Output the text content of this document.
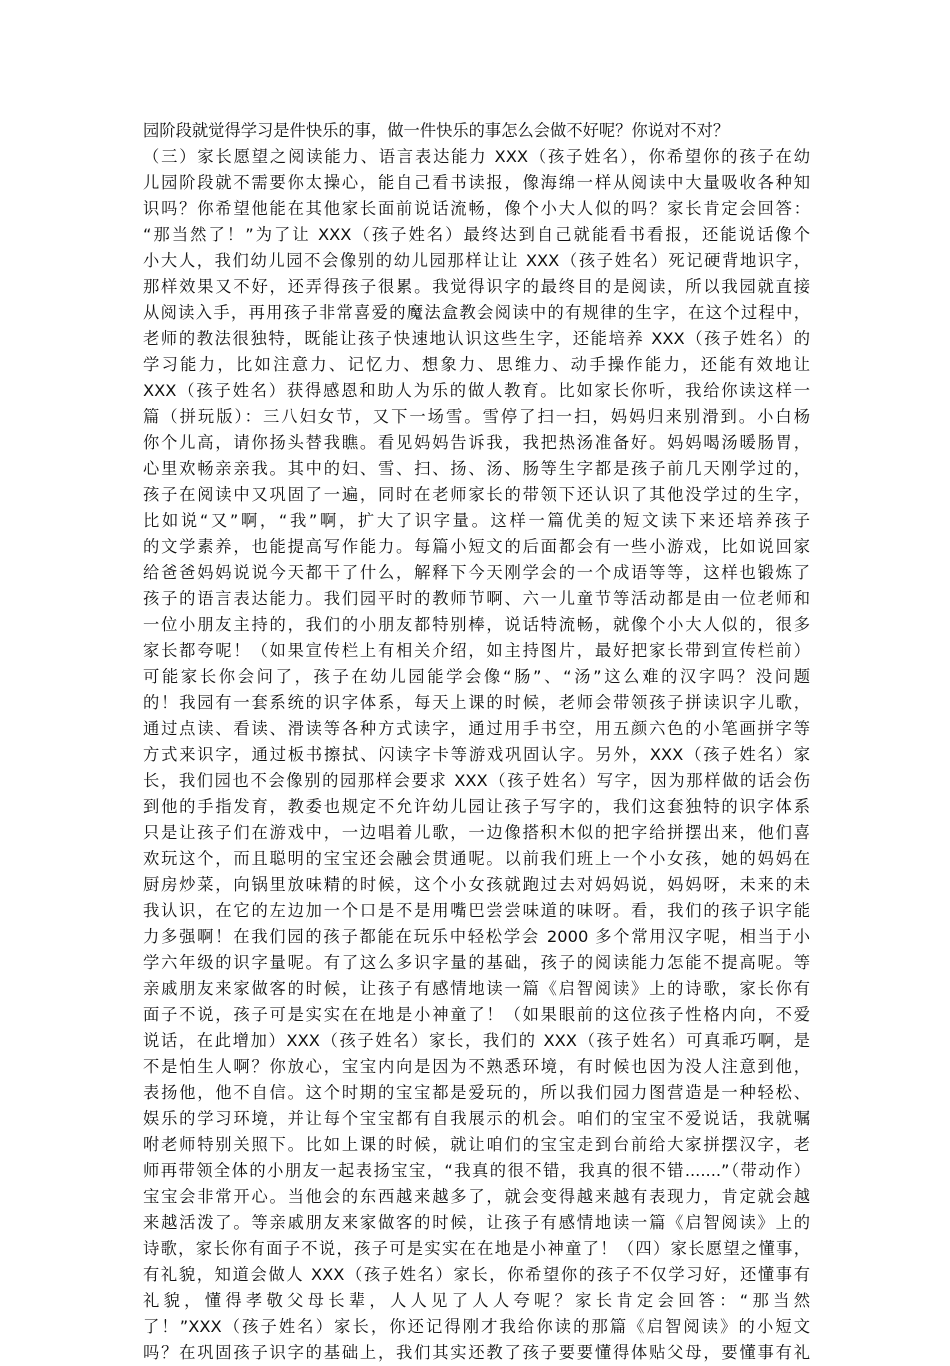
园阶段就觉得学习是件快乐的事，做一件快乐的事怎么会做不好呢？你说对不对？
（三）家长愿望之阅读能力、语言表达能力 XXX（孩子姓名），你希望你的孩子在幼
儿园阶段就不需要你太操心，能自己看书读报，像海绵一样从阅读中大量吸收各种知
识吗？你希望他能在其他家长面前说话流畅，像个小大人似的吗？家长肯定会回答：
“那当然了！”为了让 XXX（孩子姓名）最终达到自己就能看书看报，还能说话像个
小大人，我们幼儿园不会像别的幼儿园那样让让 XXX（孩子姓名）死记硬背地识字，
那样效果又不好，还弄得孩子很累。我觉得识字的最终目的是阅读，所以我园就直接
从阅读入手，再用孩子非常喜爱的魔法盒教会阅读中的有规律的生字，在这个过程中，
老师的教法很独特，既能让孩子快速地认识这些生字，还能培养 XXX（孩子姓名）的
学习能力，比如注意力、记忆力、想象力、思维力、动手操作能力，还能有效地让
XXX（孩子姓名）获得感恩和助人为乐的做人教育。比如家长你听，我给你读这样一
篇（拼玩版）：三八妇女节，又下一场雪。雪停了扫一扫，妈妈归来别滑到。小白杨
你个儿高，请你扬头替我瞧。看见妈妈告诉我，我把热汤准备好。妈妈喝汤暖肠胃，
心里欢畅亲亲我。其中的妇、雪、扫、扬、汤、肠等生字都是孩子前几天刚学过的，
孩子在阅读中又巩固了一遍，同时在老师家长的带领下还认识了其他没学过的生字，
比如说“又”啊，“我”啊，扩大了识字量。这样一篇优美的短文读下来还培养孩子
的文学素养，也能提高写作能力。每篇小短文的后面都会有一些小游戏，比如说回家
给爸爸妈妈说说今天都干了什么，解释下今天刚学会的一个成语等等，这样也锻炼了
孩子的语言表达能力。我们园平时的教师节啊、六一儿童节等活动都是由一位老师和
一位小朋友主持的，我们的小朋友都特别棒，说话特流畅，就像个小大人似的，很多
家长都夸呢！（如果宣传栏上有相关介绍，如主持图片，最好把家长带到宣传栏前）
可能家长你会问了，孩子在幼儿园能学会像“肠”、“汤”这么难的汉字吗？没问题
的！我园有一套系统的识字体系，每天上课的时候，老师会带领孩子拼读识字儿歌，
通过点读、看读、滑读等各种方式读字，通过用手书空，用五颜六色的小笔画拼字等
方式来识字，通过板书擦拭、闪读字卡等游戏巩固认字。另外，XXX（孩子姓名）家
长，我们园也不会像别的园那样会要求 XXX（孩子姓名）写字，因为那样做的话会伤
到他的手指发育，教委也规定不允许幼儿园让孩子写字的，我们这套独特的识字体系
只是让孩子们在游戏中，一边唱着儿歌，一边像搭积木似的把字给拼摆出来，他们喜
欢玩这个，而且聪明的宝宝还会融会贯通呢。以前我们班上一个小女孩，她的妈妈在
厨房炒菜，向锅里放味精的时候，这个小女孩就跑过去对妈妈说，妈妈呀，未来的未
我认识，在它的左边加一个口是不是用嘴巴尝尝味道的味呀。看，我们的孩子识字能
力多强啊！在我们园的孩子都能在玩乐中轻松学会 2000 多个常用汉字呢，相当于小
学六年级的识字量呢。有了这么多识字量的基础，孩子的阅读能力怎能不提高呢。等
亲戚朋友来家做客的时候，让孩子有感情地读一篇《启智阅读》上的诗歌，家长你有
面子不说，孩子可是实实在在地是小神童了！（如果眼前的这位孩子性格内向，不爱
说话，在此增加）XXX（孩子姓名）家长，我们的 XXX（孩子姓名）可真乖巧啊，是
不是怕生人啊？你放心，宝宝内向是因为不熟悉环境，有时候也因为没人注意到他，
表扬他，他不自信。这个时期的宝宝都是爱玩的，所以我们园力图营造是一种轻松、
娱乐的学习环境，并让每个宝宝都有自我展示的机会。咱们的宝宝不爱说话，我就嘱
咐老师特别关照下。比如上课的时候，就让咱们的宝宝走到台前给大家拼摆汉字，老
师再带领全体的小朋友一起表扬宝宝，“我真的很不错，我真的很不错.......”（带动作）
宝宝会非常开心。当他会的东西越来越多了，就会变得越来越有表现力，肯定就会越
来越活泼了。等亲戚朋友来家做客的时候，让孩子有感情地读一篇《启智阅读》上的
诗歌，家长你有面子不说，孩子可是实实在在地是小神童了！（四）家长愿望之懂事，
有礼貌，知道会做人 XXX（孩子姓名）家长，你希望你的孩子不仅学习好，还懂事有
礼貌，懂得孝敬父母长辈，人人见了人人夸呢？家长肯定会回答：“那当然
了！”XXX（孩子姓名）家长，你还记得刚才我给你读的那篇《启智阅读》的小短文
吗？在巩固孩子识字的基础上，我们其实还教了孩子要要懂得体贴父母，要懂事有礼
